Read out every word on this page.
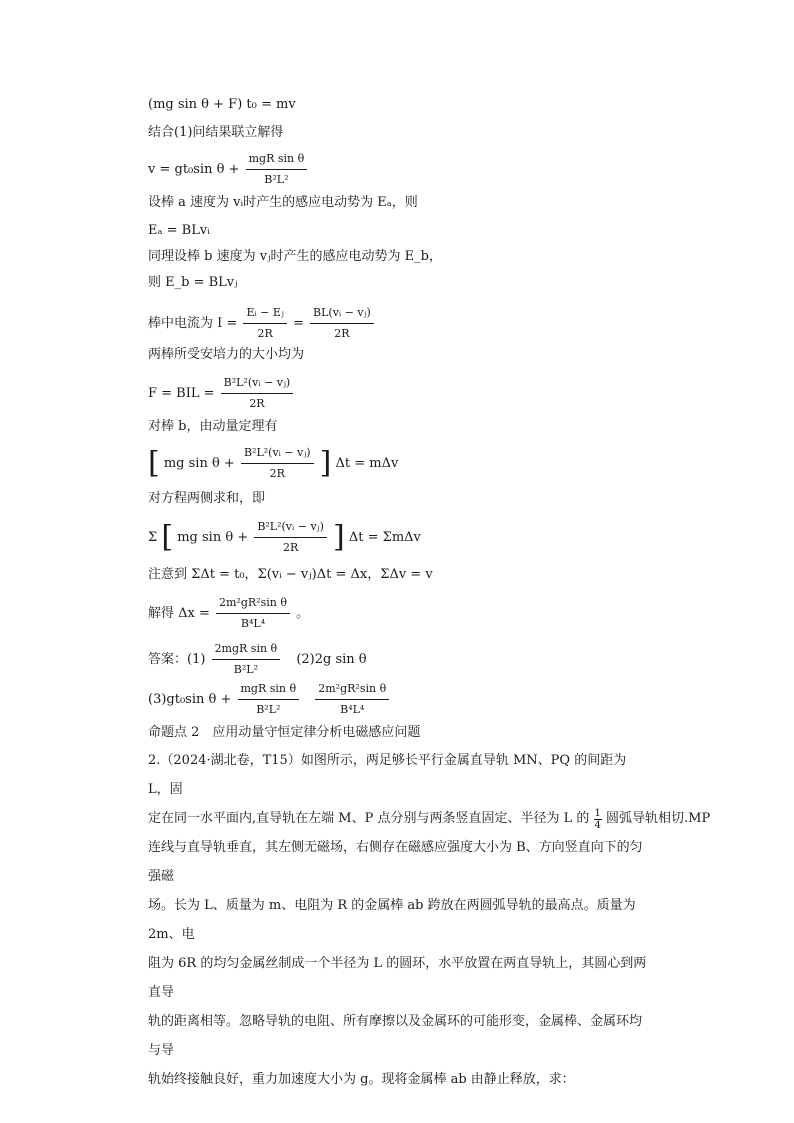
(mg sin θ + F) t₀ = mv
结合(1)问结果联立解得
v = gt₀sin $\theta + \frac{\text{mgR sin θ}}{\text{B²L²}}$
设棒 a 速度为 vᵢ时产生的感应电动势为 Eₐ，则
Eₐ = BLvᵢ
同理设棒 b 速度为 vⱼ时产生的感应电动势为 E_b，
则 E_b = BLvⱼ
棒中电流为 $I = \frac{\text{Eᵢ − Eⱼ}}{2R} = \frac{\text{BL(vᵢ − vⱼ)}}{2R}$
两棒所受安培力的大小均为
F = BIL = $\frac{\text{B²L²(vᵢ − vⱼ)}}{2R}$
对棒 b，由动量定理有
[ mg $\sin \theta + \frac{\text{B²L²(vᵢ − vⱼ)}}{2R}$ ] Δt = mΔv
对方程两侧求和，即
Σ [ mg $\sin \theta + \frac{\text{B²L²(vᵢ − vⱼ)}}{2R}$ ] Δt = ΣmΔv
注意到 ΣΔt = t₀，Σ(vᵢ − vⱼ)Δt = Δx，ΣΔv = v
解得 $\Delta x = \frac{\text{2m²gR²sin θ}}{\text{B⁴L⁴}}$ 。
答案：$(1) \frac{\text{2mgR sin θ}}{\text{B²L²}} (2)2g$ sin θ
(3)gt₀sin $\theta + \frac{\text{mgR sin θ}}{\text{B²L²}}$
$\frac{\text{2m²gR²sin θ}}{\text{B⁴L⁴}}$
命题点 2　应用动量守恒定律分析电磁感应问题
2.（2024·湖北卷，T15）如图所示，两足够长平行金属直导轨 MN、PQ 的间距为 L，固
定在同一水平面内,直导轨在左端 M、P 点分别与两条竖直固定、半径为 L 的 $\frac{1}{4}$ 圆弧导轨相切.MP
连线与直导轨垂直，其左侧无磁场，右侧存在磁感应强度大小为 B、方向竖直向下的匀强磁
场。长为 L、质量为 m、电阻为 R 的金属棒 ab 跨放在两圆弧导轨的最高点。质量为 2m、电
阻为 6R 的均匀金属丝制成一个半径为 L 的圆环，水平放置在两直导轨上，其圆心到两直导
轨的距离相等。忽略导轨的电阻、所有摩擦以及金属环的可能形变，金属棒、金属环均与导
轨始终接触良好，重力加速度大小为 g。现将金属棒 ab 由静止释放，求：
